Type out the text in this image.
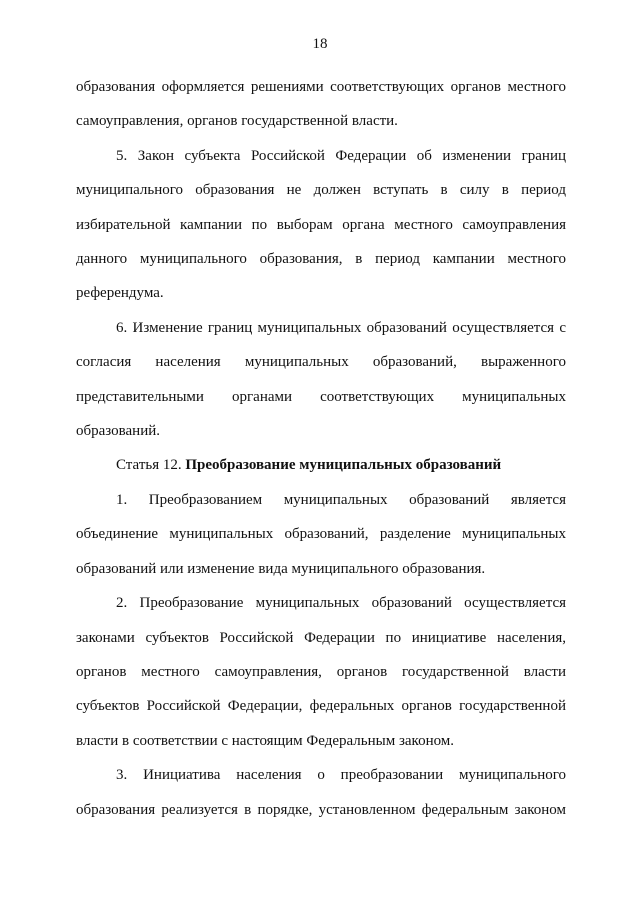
18

образования оформляется решениями соответствующих органов местного самоуправления, органов государственной власти.

5. Закон субъекта Российской Федерации об изменении границ муниципального образования не должен вступать в силу в период избирательной кампании по выборам органа местного самоуправления данного муниципального образования, в период кампании местного референдума.

6. Изменение границ муниципальных образований осуществляется с согласия населения муниципальных образований, выраженного представительными органами соответствующих муниципальных образований.

Статья 12. Преобразование муниципальных образований

1. Преобразованием муниципальных образований является объединение муниципальных образований, разделение муниципальных образований или изменение вида муниципального образования.

2. Преобразование муниципальных образований осуществляется законами субъектов Российской Федерации по инициативе населения, органов местного самоуправления, органов государственной власти субъектов Российской Федерации, федеральных органов государственной власти в соответствии с настоящим Федеральным законом.

3. Инициатива населения о преобразовании муниципального образования реализуется в порядке, установленном федеральным законом
